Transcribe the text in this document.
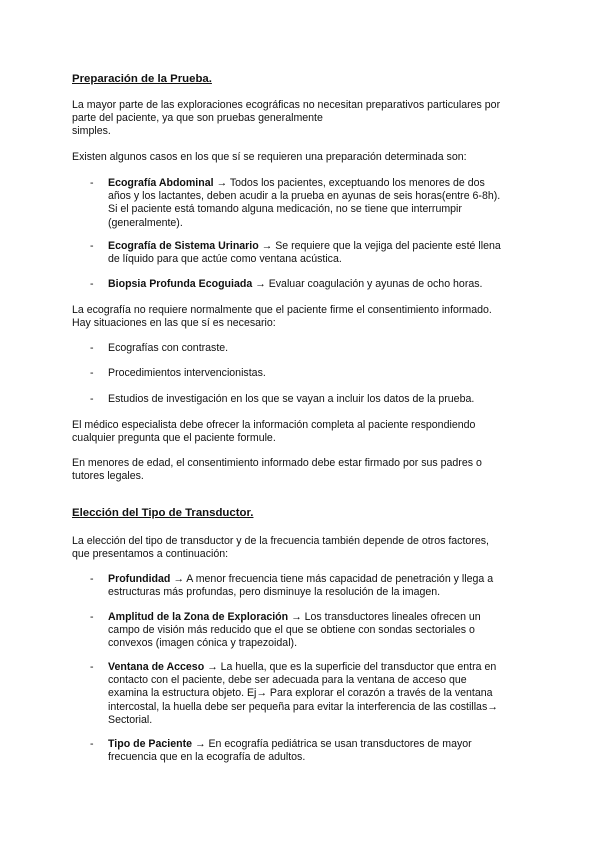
Preparación de la Prueba.
La mayor parte de las exploraciones ecográficas no necesitan preparativos particulares por
parte del paciente, ya que son pruebas generalmente
simples.
Existen algunos casos en los que sí se requieren una preparación determinada son:
- Ecografía Abdominal → Todos los pacientes, exceptuando los menores de dos
años y los lactantes, deben acudir a la prueba en ayunas de seis horas(entre 6-8h).
Si el paciente está tomando alguna medicación, no se tiene que interrumpir
(generalmente).
- Ecografía de Sistema Urinario → Se requiere que la vejiga del paciente esté llena
de líquido para que actúe como ventana acústica.
- Biopsia Profunda Ecoguiada → Evaluar coagulación y ayunas de ocho horas.
La ecografía no requiere normalmente que el paciente firme el consentimiento informado.
Hay situaciones en las que sí es necesario:
- Ecografías con contraste.
- Procedimientos intervencionistas.
- Estudios de investigación en los que se vayan a incluir los datos de la prueba.
El médico especialista debe ofrecer la información completa al paciente respondiendo
cualquier pregunta que el paciente formule.
En menores de edad, el consentimiento informado debe estar firmado por sus padres o
tutores legales.
Elección del Tipo de Transductor.
La elección del tipo de transductor y de la frecuencia también depende de otros factores,
que presentamos a continuación:
- Profundidad → A menor frecuencia tiene más capacidad de penetración y llega a
estructuras más profundas, pero disminuye la resolución de la imagen.
- Amplitud de la Zona de Exploración → Los transductores lineales ofrecen un
campo de visión más reducido que el que se obtiene con sondas sectoriales o
convexos (imagen cónica y trapezoidal).
- Ventana de Acceso → La huella, que es la superficie del transductor que entra en
contacto con el paciente, debe ser adecuada para la ventana de acceso que
examina la estructura objeto. Ej→ Para explorar el corazón a través de la ventana
intercostal, la huella debe ser pequeña para evitar la interferencia de las costillas→
Sectorial.
- Tipo de Paciente → En ecografía pediátrica se usan transductores de mayor
frecuencia que en la ecografía de adultos.
